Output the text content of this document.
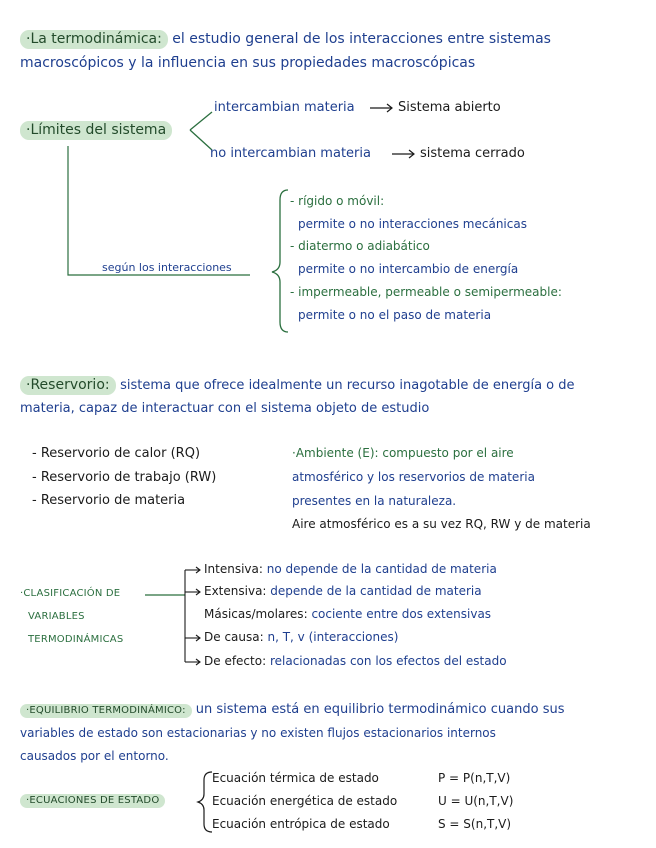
·La termodinámica: el estudio general de los interacciones entre sistemas
macroscópicos y la influencia en sus propiedades macroscópicas
·Límites del sistema
intercambian materia	Sistema abierto
no intercambian materia	sistema cerrado
según los interacciones
- rígido o móvil:
permite o no interacciones mecánicas
- diatermo o adiabático
permite o no intercambio de energía
- impermeable, permeable o semipermeable:
permite o no el paso de materia
·Reservorio: sistema que ofrece idealmente un recurso inagotable de energía o de
materia, capaz de interactuar con el sistema objeto de estudio
- Reservorio de calor (RQ)
- Reservorio de trabajo (RW)
- Reservorio de materia
·Ambiente (E): compuesto por el aire
atmosférico y los reservorios de materia
presentes en la naturaleza.
Aire atmosférico es a su vez RQ, RW y de materia
·CLASIFICACIÓN DE
VARIABLES
TERMODINÁMICAS
Intensiva: no depende de la cantidad de materia
Extensiva: depende de la cantidad de materia
Másicas/molares: cociente entre dos extensivas
De causa: n, T, v (interacciones)
De efecto: relacionadas con los efectos del estado
·EQUILIBRIO TERMODINÁMICO: un sistema está en equilibrio termodinámico cuando sus
variables de estado son estacionarias y no existen flujos estacionarios internos
causados por el entorno.
·ECUACIONES DE ESTADO
Ecuación térmica de estado	P = P(n,T,V)
Ecuación energética de estado	U = U(n,T,V)
Ecuación entrópica de estado	S = S(n,T,V)
